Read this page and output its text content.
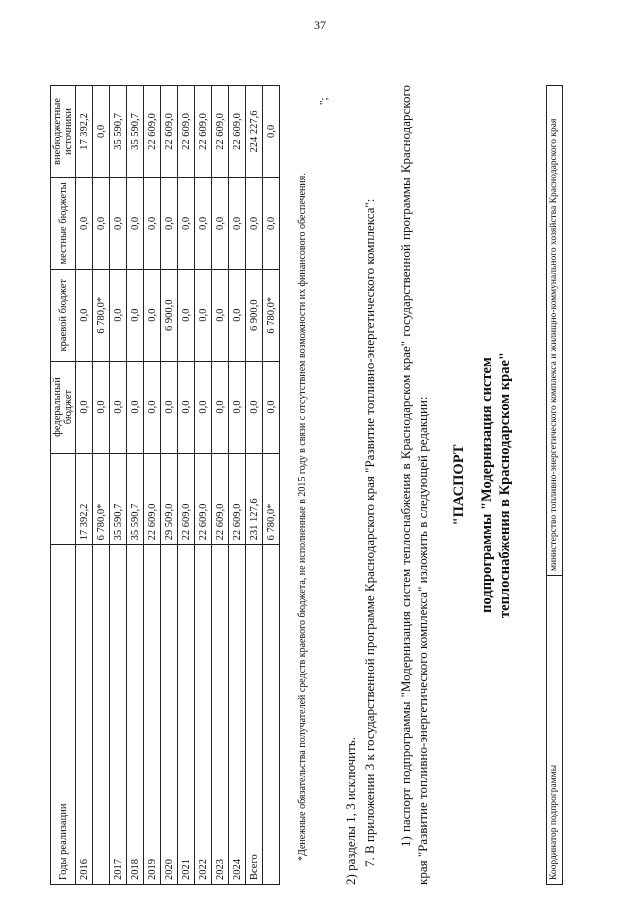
37
Годы реализации		федеральный бюджет	краевой бюджет	местные бюджеты	внебюджетные источники
2016	17 392,2	0,0	0,0	0,0	17 392,2
	6 780,0*	0,0	6 780,0*	0,0	0,0
2017	35 590,7	0,0	0,0	0,0	35 590,7
2018	35 590,7	0,0	0,0	0,0	35 590,7
2019	22 609,0	0,0	0,0	0,0	22 609,0
2020	29 509,0	0,0	6 900,0	0,0	22 609,0
2021	22 609,0	0,0	0,0	0,0	22 609,0
2022	22 609,0	0,0	0,0	0,0	22 609,0
2023	22 609,0	0,0	0,0	0,0	22 609,0
2024	22 609,0	0,0	0,0	0,0	22 609,0
Всего	231 127,6	0,0	6 900,0	0,0	224 227,6
	6 780,0*	0,0	6 780,0*	0,0	0,0
*Денежные обязательства получателей средств краевого бюджета, не исполненные в 2015 году в связи с отсутствием возможности их финансового обеспечения.
";
2) разделы 1, 3 исключить. 7. В приложении 3 к государственной программе Краснодарского края "Развитие топливно-энергетического комплекса": 1) паспорт подпрограммы "Модернизация систем теплоснабжения в Краснодарском крае" государственной программы Краснодарского края "Развитие топливно-энергетического комплекса" изложить в следующей редакции: "ПАСПОРТ подпрограммы "Модернизация систем теплоснабжения в Краснодарском крае"
Координатор подпрограммы	министерство топливно-энергетического комплекса и жилищно-коммунального хозяйства Краснодарского края
